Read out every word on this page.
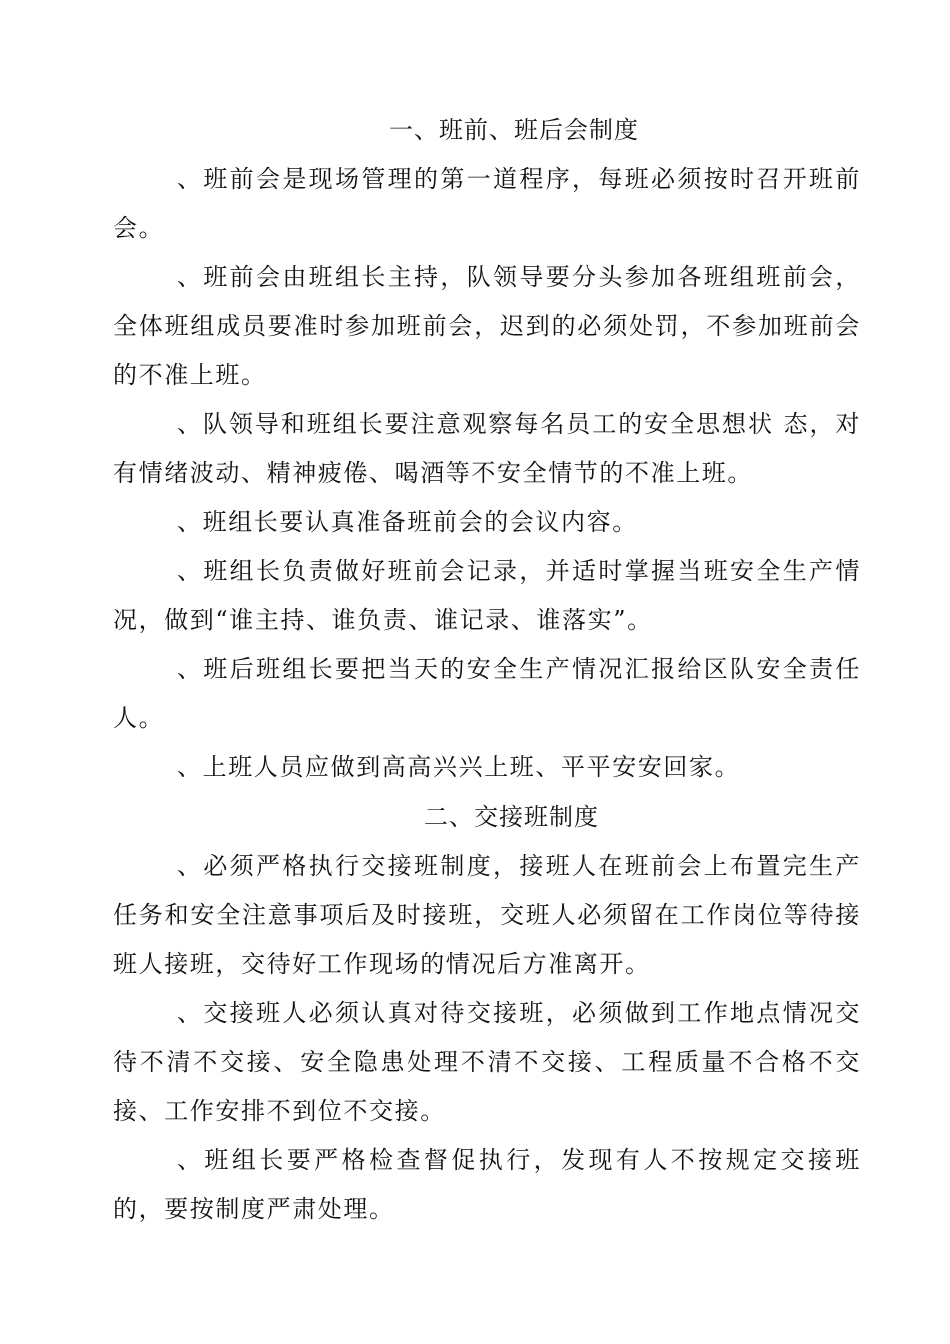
一、班前、班后会制度

、班前会是现场管理的第一道程序，每班必须按时召开班前会。

、班前会由班组长主持，队领导要分头参加各班组班前会，全体班组成员要准时参加班前会，迟到的必须处罚，不参加班前会的不准上班。

、队领导和班组长要注意观察每名员工的安全思想状 态，对有情绪波动、精神疲倦、喝酒等不安全情节的不准上班。

、班组长要认真准备班前会的会议内容。

、班组长负责做好班前会记录，并适时掌握当班安全生产情况，做到“谁主持、谁负责、谁记录、谁落实”。

、班后班组长要把当天的安全生产情况汇报给区队安全责任人。

、上班人员应做到高高兴兴上班、平平安安回家。

二、交接班制度

、必须严格执行交接班制度，接班人在班前会上布置完生产任务和安全注意事项后及时接班，交班人必须留在工作岗位等待接班人接班，交待好工作现场的情况后方准离开。

、交接班人必须认真对待交接班，必须做到工作地点情况交待不清不交接、安全隐患处理不清不交接、工程质量不合格不交接、工作安排不到位不交接。

、班组长要严格检查督促执行，发现有人不按规定交接班的，要按制度严肃处理。
